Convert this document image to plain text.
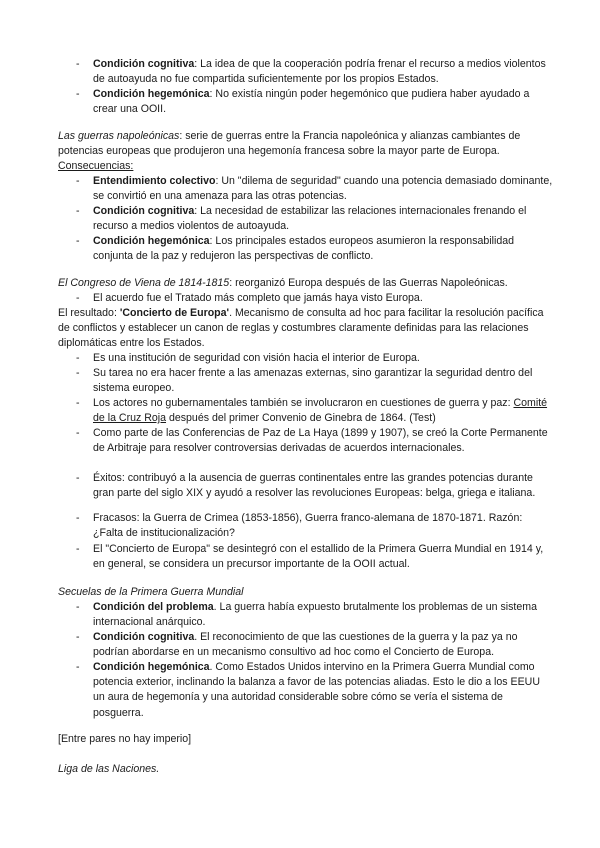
- Condición cognitiva: La idea de que la cooperación podría frenar el recurso a medios violentos de autoayuda no fue compartida suficientemente por los propios Estados.
- Condición hegemónica: No existía ningún poder hegemónico que pudiera haber ayudado a crear una OOII.
Las guerras napoleónicas: serie de guerras entre la Francia napoleónica y alianzas cambiantes de potencias europeas que produjeron una hegemonía francesa sobre la mayor parte de Europa.
Consecuencias:
- Entendimiento colectivo: Un "dilema de seguridad" cuando una potencia demasiado dominante, se convirtió en una amenaza para las otras potencias.
- Condición cognitiva: La necesidad de estabilizar las relaciones internacionales frenando el recurso a medios violentos de autoayuda.
- Condición hegemónica: Los principales estados europeos asumieron la responsabilidad conjunta de la paz y redujeron las perspectivas de conflicto.
El Congreso de Viena de 1814-1815: reorganizó Europa después de las Guerras Napoleónicas.
- El acuerdo fue el Tratado más completo que jamás haya visto Europa.
El resultado: 'Concierto de Europa'. Mecanismo de consulta ad hoc para facilitar la resolución pacífica de conflictos y establecer un canon de reglas y costumbres claramente definidas para las relaciones diplomáticas entre los Estados.
- Es una institución de seguridad con visión hacia el interior de Europa.
- Su tarea no era hacer frente a las amenazas externas, sino garantizar la seguridad dentro del sistema europeo.
- Los actores no gubernamentales también se involucraron en cuestiones de guerra y paz: Comité de la Cruz Roja después del primer Convenio de Ginebra de 1864. (Test)
- Como parte de las Conferencias de Paz de La Haya (1899 y 1907), se creó la Corte Permanente de Arbitraje para resolver controversias derivadas de acuerdos internacionales.
- Éxitos: contribuyó a la ausencia de guerras continentales entre las grandes potencias durante gran parte del siglo XIX y ayudó a resolver las revoluciones Europeas: belga, griega e italiana.
- Fracasos: la Guerra de Crimea (1853-1856), Guerra franco-alemana de 1870-1871. Razón: ¿Falta de institucionalización?
- El "Concierto de Europa" se desintegró con el estallido de la Primera Guerra Mundial en 1914 y, en general, se considera un precursor importante de la OOII actual.
Secuelas de la Primera Guerra Mundial
- Condición del problema. La guerra había expuesto brutalmente los problemas de un sistema internacional anárquico.
- Condición cognitiva. El reconocimiento de que las cuestiones de la guerra y la paz ya no podrían abordarse en un mecanismo consultivo ad hoc como el Concierto de Europa.
- Condición hegemónica. Como Estados Unidos intervino en la Primera Guerra Mundial como potencia exterior, inclinando la balanza a favor de las potencias aliadas. Esto le dio a los EEUU un aura de hegemonía y una autoridad considerable sobre cómo se vería el sistema de posguerra.
[Entre pares no hay imperio]
Liga de las Naciones.
